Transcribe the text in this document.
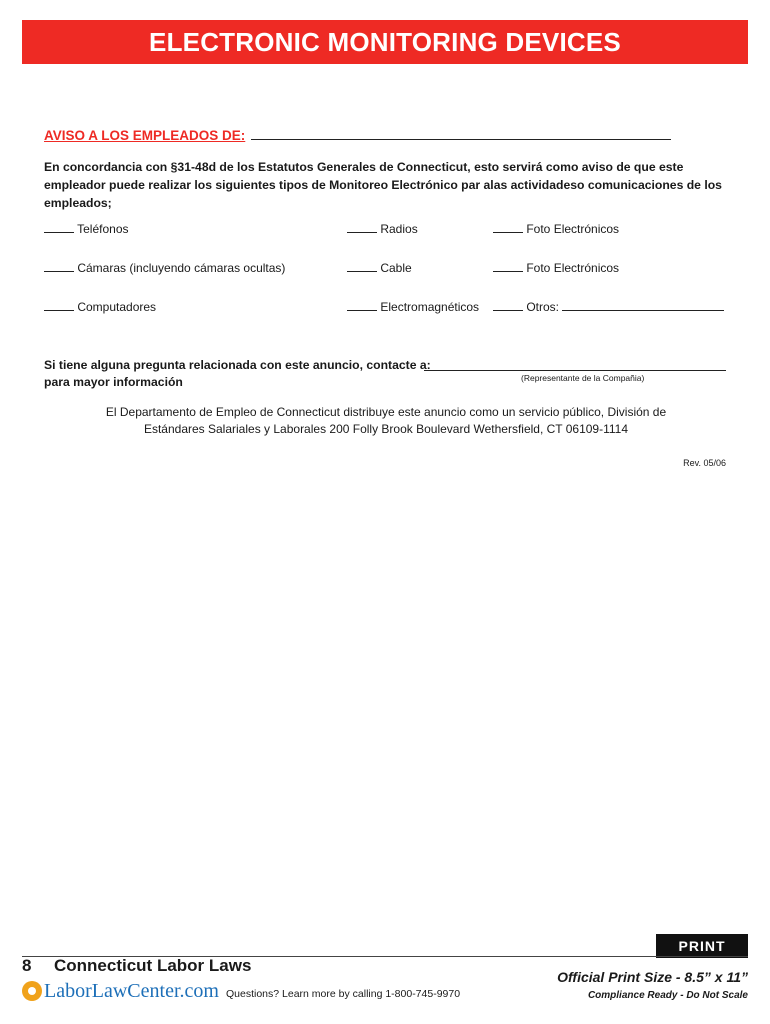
ELECTRONIC MONITORING DEVICES
AVISO A LOS EMPLEADOS DE:
En concordancia con §31-48d de los Estatutos Generales de Connecticut, esto servirá como aviso de que este empleador puede realizar los siguientes tipos de Monitoreo Electrónico par alas actividadeso comunicaciones de los empleados;
Teléfonos
Cámaras (incluyendo cámaras ocultas)
Computadores
Radios
Cable
Electromagnéticos
Foto Electrónicos
Foto Electrónicos
Otros:
Si tiene alguna pregunta relacionada con este anuncio, contacte a:
para mayor información	(Representante de la Compañia)
El Departamento de Empleo de Connecticut distribuye este anuncio como un servicio público, División de
Estándares Salariales y Laborales 200 Folly Brook Boulevard Wethersfield, CT 06109-1114
Rev. 05/06
PRINT
8 Connecticut Labor Laws
LaborLawCenter.com Questions? Learn more by calling 1-800-745-9970
Official Print Size - 8.5” x 11”
Compliance Ready - Do Not Scale
